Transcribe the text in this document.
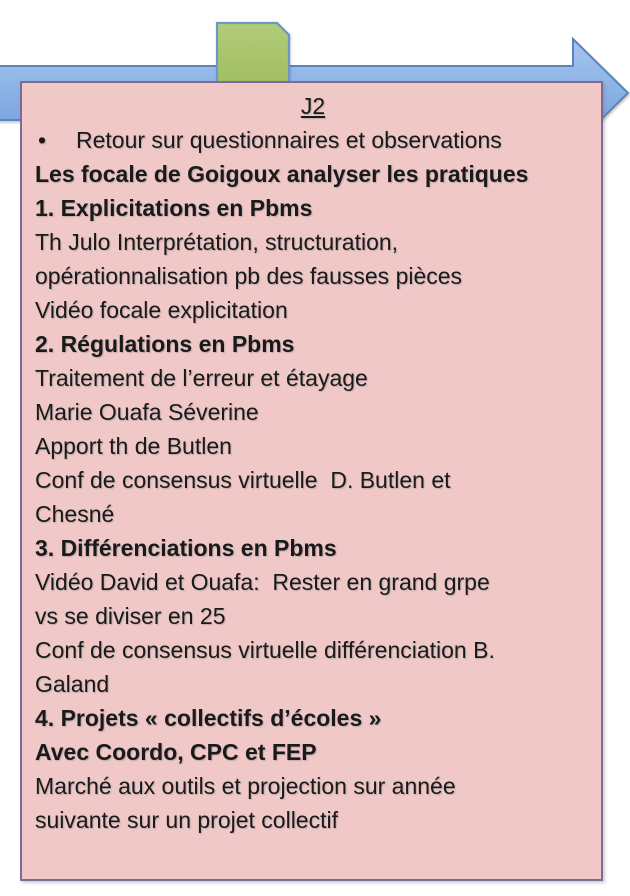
J2
• Retour sur questionnaires et observations
Les focale de Goigoux analyser les pratiques
1. Explicitations en Pbms
Th Julo Interprétation, structuration,
opérationnalisation pb des fausses pièces
Vidéo focale explicitation
2. Régulations en Pbms
Traitement de l’erreur et étayage
Marie Ouafa Séverine
Apport th de Butlen
Conf de consensus virtuelle  D. Butlen et
Chesné
3. Différenciations en Pbms
Vidéo David et Ouafa:  Rester en grand grpe
vs se diviser en 25
Conf de consensus virtuelle différenciation B.
Galand
4. Projets « collectifs d’écoles »
Avec Coordo, CPC et FEP
Marché aux outils et projection sur année
suivante sur un projet collectif
